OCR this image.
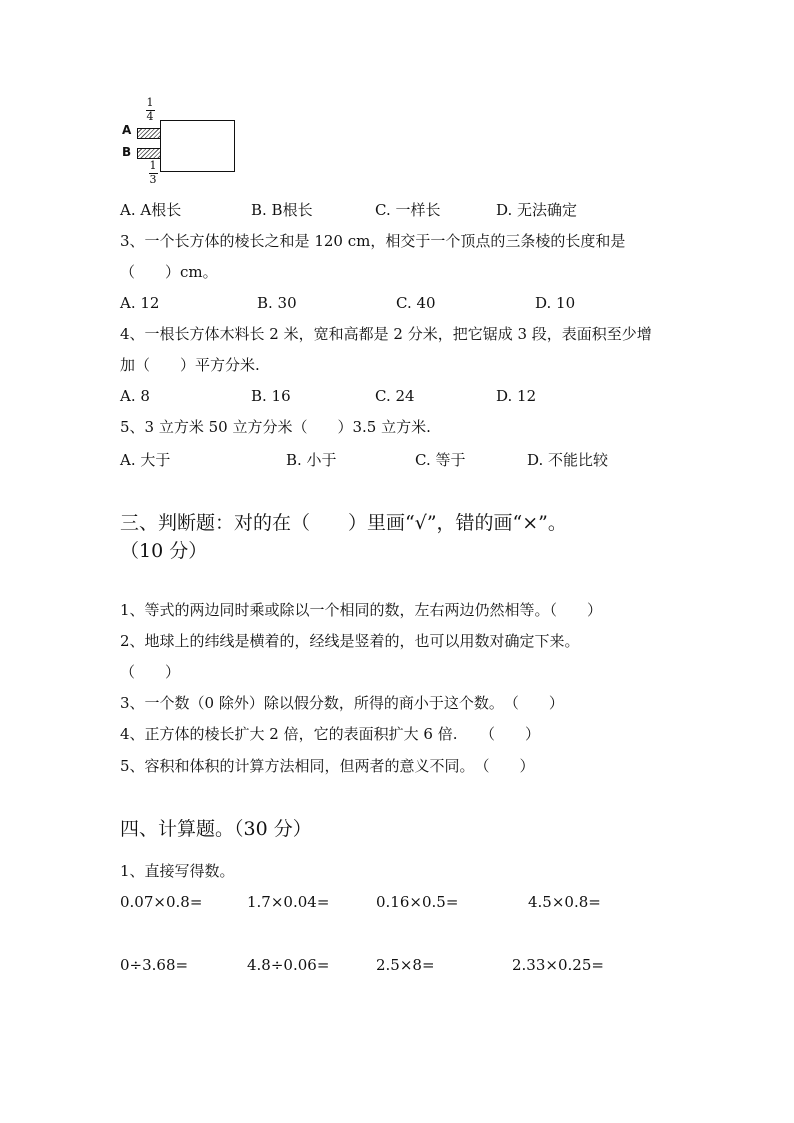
1
4
A
B
1
3
A. A根长	B. B根长	C. 一样长	D. 无法确定
3、一个长方体的棱长之和是 120 cm，相交于一个顶点的三条棱的长度和是
（　　）cm。
A. 12	B. 30	C. 40	D. 10
4、一根长方体木料长 2 米，宽和高都是 2 分米，把它锯成 3 段，表面积至少增
加（　　）平方分米.
A. 8	B. 16	C. 24	D. 12
5、3 立方米 50 立方分米（　　）3.5 立方米.
A. 大于	B. 小于	C. 等于	D. 不能比较
三、判断题：对的在（　　）里画“√”，错的画“×”。
（10 分）
1、等式的两边同时乘或除以一个相同的数，左右两边仍然相等。（　　）
2、地球上的纬线是横着的，经线是竖着的，也可以用数对确定下来。
（　　）
3、一个数（0 除外）除以假分数，所得的商小于这个数。　（　　）
4、正方体的棱长扩大 2 倍，它的表面积扩大 6 倍.　　（　　）
5、容积和体积的计算方法相同，但两者的意义不同。　（　　）
四、计算题。（30 分）
1、直接写得数。
0.07×0.8=	1.7×0.04=	0.16×0.5=	4.5×0.8=
0÷3.68=	4.8÷0.06=	2.5×8=	2.33×0.25=
